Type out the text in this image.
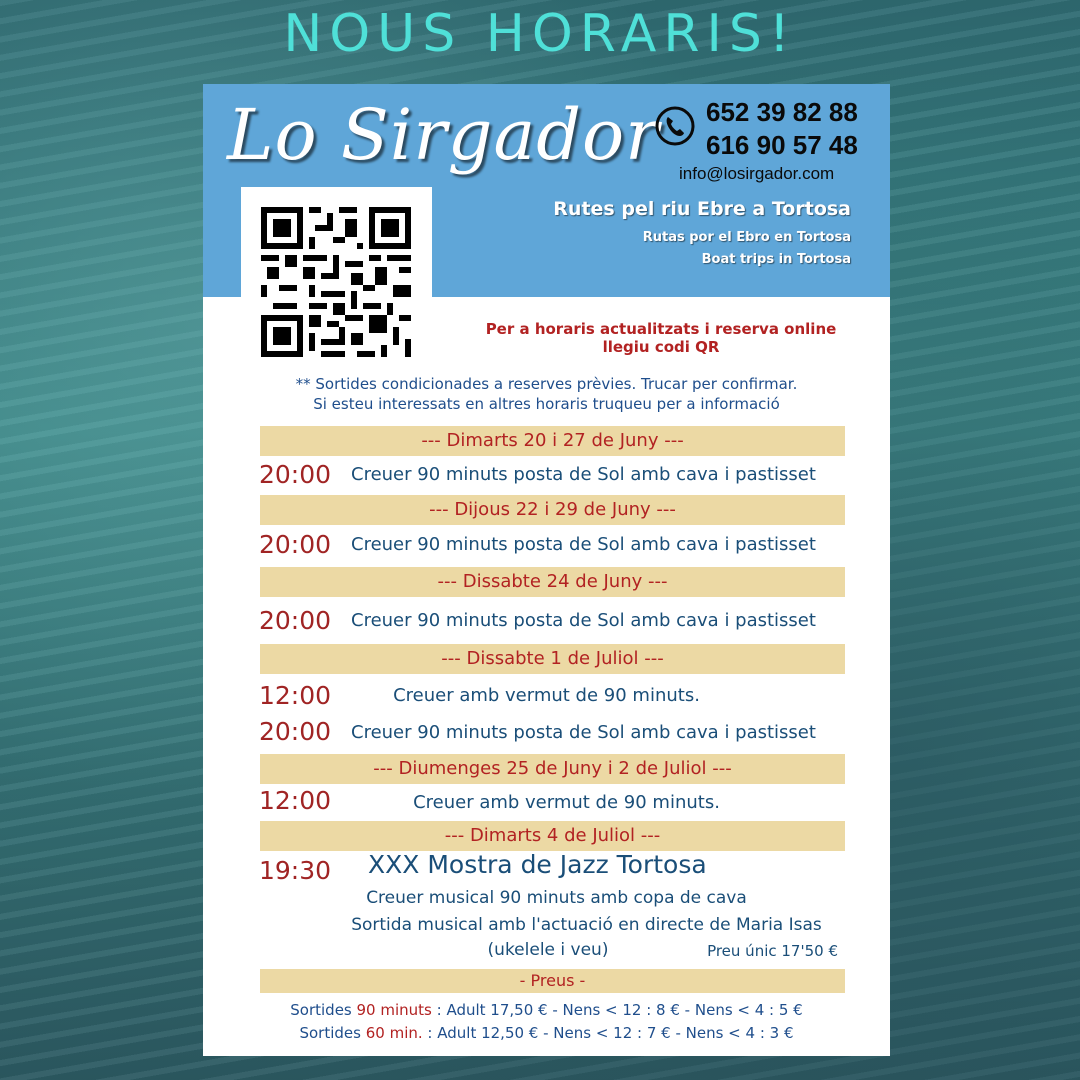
NOUS HORARIS!
Lo Sirgador 652 39 82 88
616 90 57 48
info@losirgador.com
Rutes pel riu Ebre a Tortosa
Rutas por el Ebro en Tortosa
Boat trips in Tortosa
Per a horaris actualitzats i reserva online
llegiu codi QR
** Sortides condicionades a reserves prèvies. Trucar per confirmar.
Si esteu interessats en altres horaris truqueu per a informació
--- Dimarts 20 i 27 de Juny ---
20:00 Creuer 90 minuts posta de Sol amb cava i pastisset
--- Dijous 22 i 29 de Juny ---
20:00 Creuer 90 minuts posta de Sol amb cava i pastisset
--- Dissabte 24 de Juny ---
20:00 Creuer 90 minuts posta de Sol amb cava i pastisset
--- Dissabte 1 de Juliol ---
12:00	Creuer amb vermut de 90 minuts.
20:00 Creuer 90 minuts posta de Sol amb cava i pastisset
--- Diumenges 25 de Juny i 2 de Juliol ---
12:00	Creuer amb vermut de 90 minuts.
--- Dimarts 4 de Juliol ---
19:30 XXX Mostra de Jazz Tortosa
Creuer musical 90 minuts amb copa de cava
Sortida musical amb l'actuació en directe de Maria Isas
(ukelele i veu)	Preu únic 17'50 €
- Preus -
Sortides 90 minuts : Adult 17,50 € - Nens < 12 : 8 € - Nens < 4 : 5 €
Sortides 60 min. : Adult 12,50 € - Nens < 12 : 7 € - Nens < 4 : 3 €
